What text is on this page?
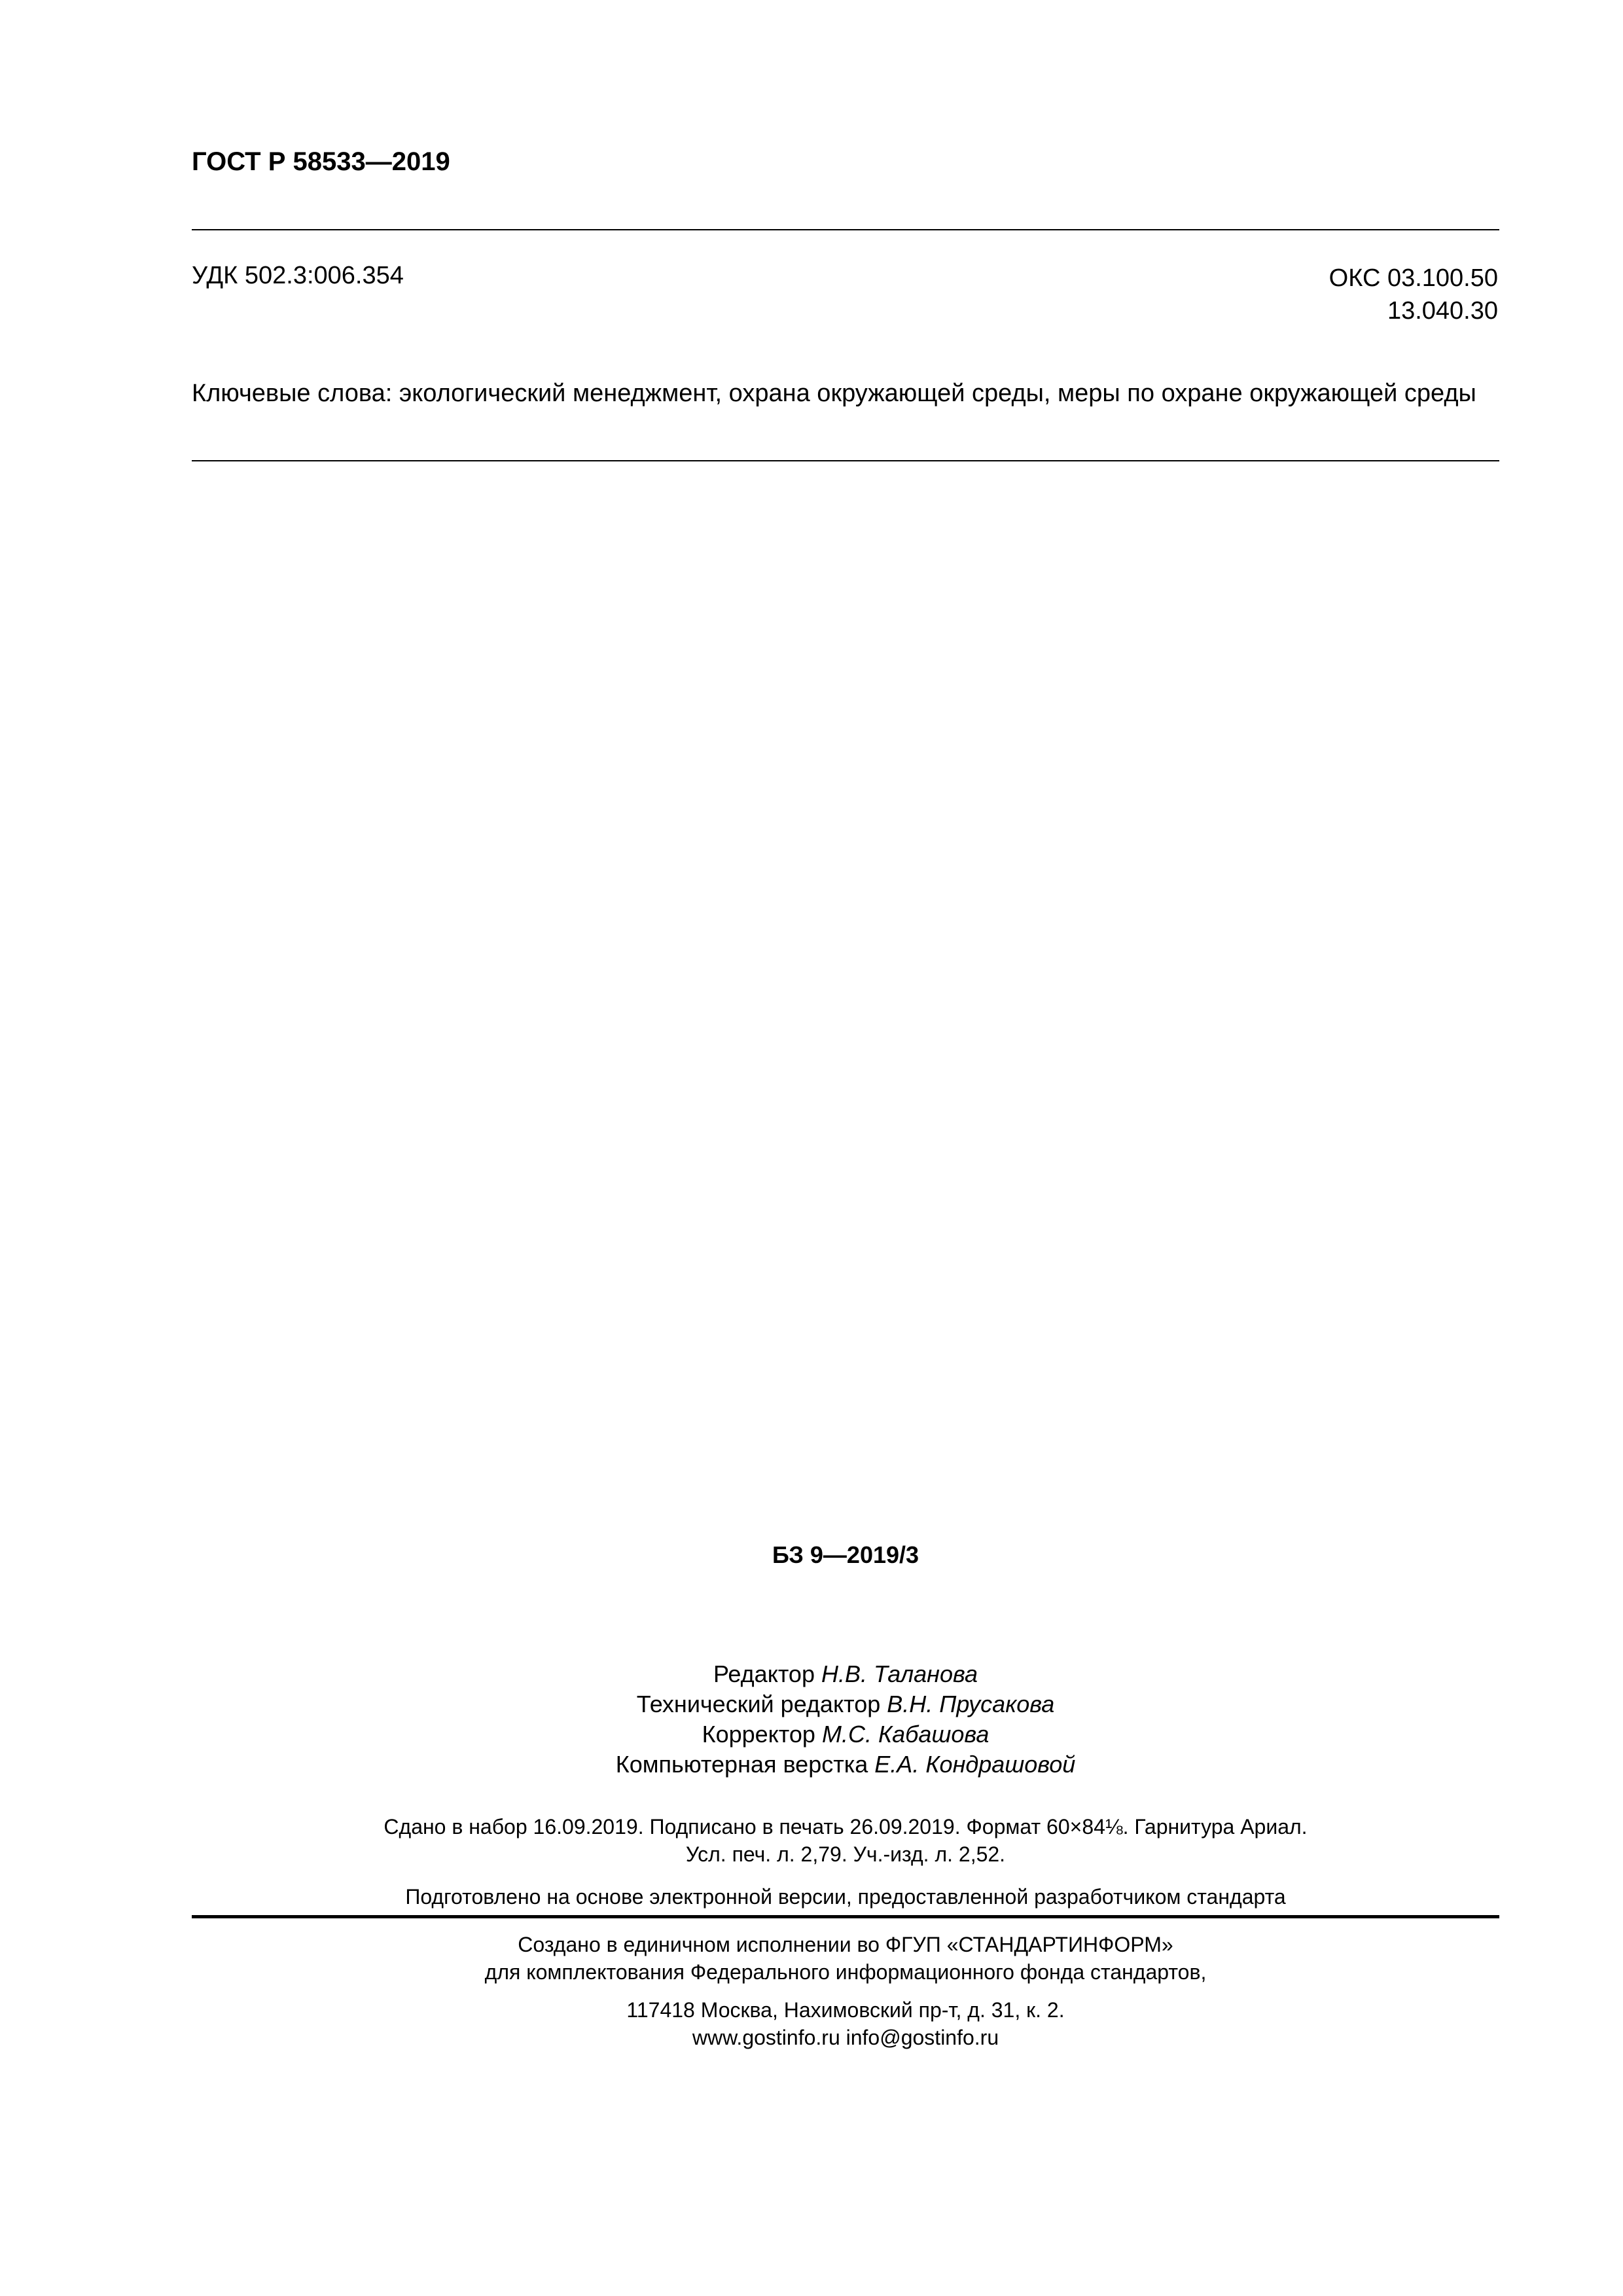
ГОСТ Р 58533—2019
УДК 502.3:006.354	ОКС 03.100.50
13.040.30
Ключевые слова: экологический менеджмент, охрана окружающей среды, меры по охране окружающей среды
БЗ 9—2019/3
Редактор Н.В. Таланова
Технический редактор В.Н. Прусакова
Корректор М.С. Кабашова
Компьютерная верстка Е.А. Кондрашовой
Сдано в набор 16.09.2019. Подписано в печать 26.09.2019. Формат 60×84⅛. Гарнитура Ариал.
Усл. печ. л. 2,79. Уч.-изд. л. 2,52.
Подготовлено на основе электронной версии, предоставленной разработчиком стандарта
Создано в единичном исполнении во ФГУП «СТАНДАРТИНФОРМ»
для комплектования Федерального информационного фонда стандартов,
117418 Москва, Нахимовский пр-т, д. 31, к. 2.
www.gostinfo.ru info@gostinfo.ru
